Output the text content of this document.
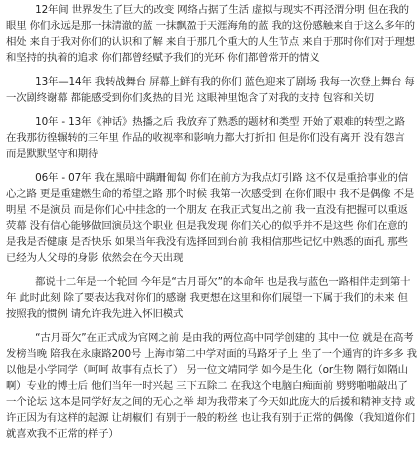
12年间 世界发生了巨大的改变 网络占据了生活 虚拟与现实不再泾渭分明 但在我的眼里 你们永远是那一抹清澈的蓝 一抹飘盈于天涯海角的蓝 我的这份感触来自于这么多年的相处 来自于我对你们的认识和了解 来自于那几个重大的人生节点 来自于那时你们对于理想和坚持的执着的追求 你们都曾经赋予我们的光环 你们都曾常开的情义

13年—14年 我转战舞台 屏幕上鲜有我的你们 蓝色迎来了剧场 我每一次登上舞台 每一次剧终谢幕 都能感受到你们炙热的目光 这眼神里饱含了对我的支持 包容和关切

10年 - 13年《神话》热播之后 我放弃了熟悉的题材和类型 开始了艰难的转型之路 在我那彷徨辗转的三年里 作品的收视率和影响力都大打折扣 但是你们没有离开 没有怨言 而是默默坚守和期待

06年 - 07年 我在黑暗中蹒跚匍匐 你们在前方为我点灯引路 这不仅是重拾事业的信心之路 更是重建燃生命的希望之路 那个时候 我第一次感受到 在你们眼中 我不是偶像 不是明星 不是演员 而是你们心中挂念的一个朋友 在我正式复出之前 我一直没有把握可以重返荧幕 没有信心能够做回演员这个职业 但是我发现 你们关心的似乎并不是这些 你们在意的是我是否健康 是否快乐 如果当年我没有选择回到台前 我相信那些记忆中熟悉的面孔 那些已经为人父母的身影 依然会在今天出现

都说十二年是一个轮回 今年是“古月哥欠”的本命年 也是我与蓝色一路相伴走到第十年 此时此刻 除了要表达我对你们的感谢 我更想在这里和你们展望一下属于我们的未来 但按照我的惯例 请允许我先进入怀旧模式

“古月哥欠”在正式成为官网之前 是由我的两位高中同学创建的 其中一位 就是在高考发榜当晚 陪我在永康路200号 上海市第二中学对面的马路牙子上 坐了一个通宵的许多多 我以他是小学同学（呵呵 故事有点长了） 另一位文靖同学 如今是生化（or生物 隔行如隔山啊）专业的博士后 他们当年一时兴起 三下五除二 在我这个电脑白痴面前 劈劈啪啪敲出了一个论坛 这本是同学好友之间的无心之举 却为我带来了今天如此庞大的后援和精神支持 或许正因为有这样的起源 让胡椒们 有别于一般的粉丝 也让我有别于正常的偶像（我知道你们就喜欢我不正常的样子）
